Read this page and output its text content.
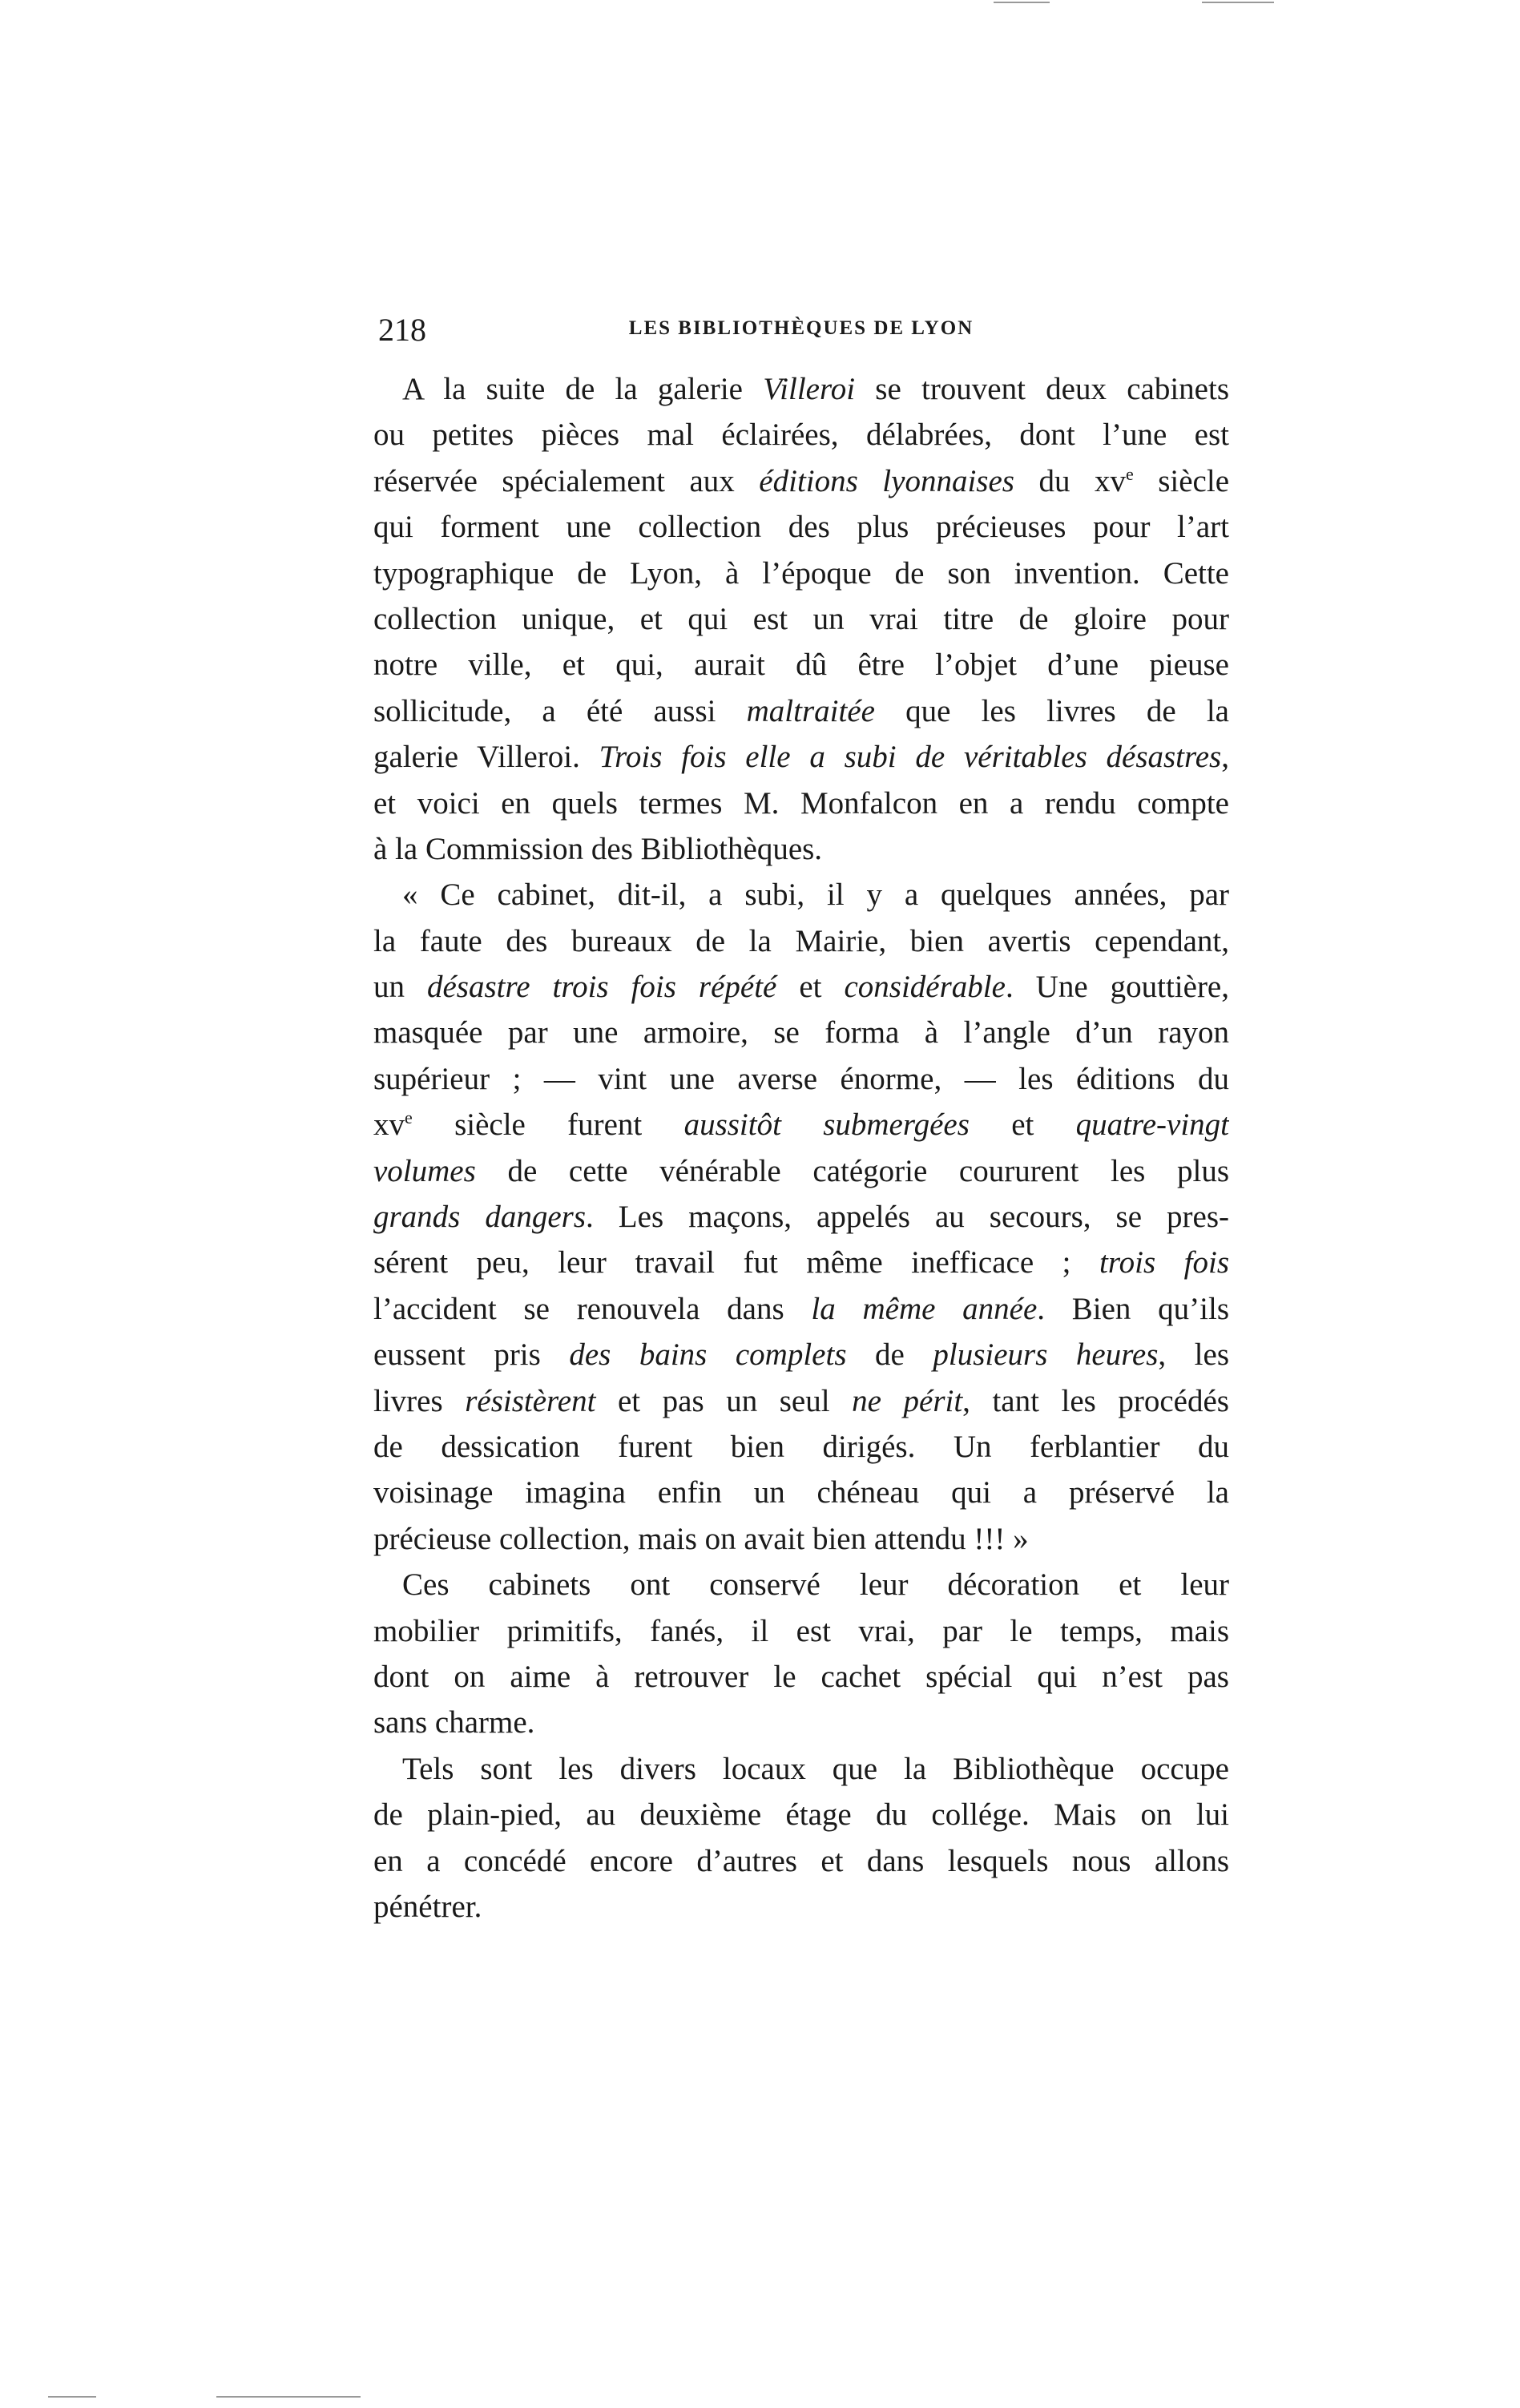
218	LES BIBLIOTHÈQUES DE LYON
A la suite de la galerie Villeroi se trouvent deux cabinets
ou petites pièces mal éclairées, délabrées, dont l’une est
réservée spécialement aux éditions lyonnaises du $xv^e$ siècle
qui forment une collection des plus précieuses pour l’art
typographique de Lyon, à l’époque de son invention. Cette
collection unique, et qui est un vrai titre de gloire pour
notre ville, et qui, aurait dû être l’objet d’une pieuse
sollicitude, a été aussi maltraitée que les livres de la
galerie Villeroi. Trois fois elle a subi de véritables désastres,
et voici en quels termes M. Monfalcon en a rendu compte
à la Commission des Bibliothèques.
« Ce cabinet, dit-il, a subi, il y a quelques années, par
la faute des bureaux de la Mairie, bien avertis cependant,
un désastre trois fois répété et considérable. Une gouttière,
masquée par une armoire, se forma à l’angle d’un rayon
supérieur ; — vint une averse énorme, — les éditions du
$xv^e$ siècle furent aussitôt submergées et quatre-vingt
volumes de cette vénérable catégorie coururent les plus
grands dangers. Les maçons, appelés au secours, se pres-
sérent peu, leur travail fut même inefficace ; trois fois
l’accident se renouvela dans la même année. Bien qu’ils
eussent pris des bains complets de plusieurs heures, les
livres résistèrent et pas un seul ne périt, tant les procédés
de dessication furent bien dirigés. Un ferblantier du
voisinage imagina enfin un chéneau qui a préservé la
précieuse collection, mais on avait bien attendu !!! »
Ces cabinets ont conservé leur décoration et leur
mobilier primitifs, fanés, il est vrai, par le temps, mais
dont on aime à retrouver le cachet spécial qui n’est pas
sans charme.
Tels sont les divers locaux que la Bibliothèque occupe
de plain-pied, au deuxième étage du collége. Mais on lui
en a concédé encore d’autres et dans lesquels nous allons
pénétrer.
